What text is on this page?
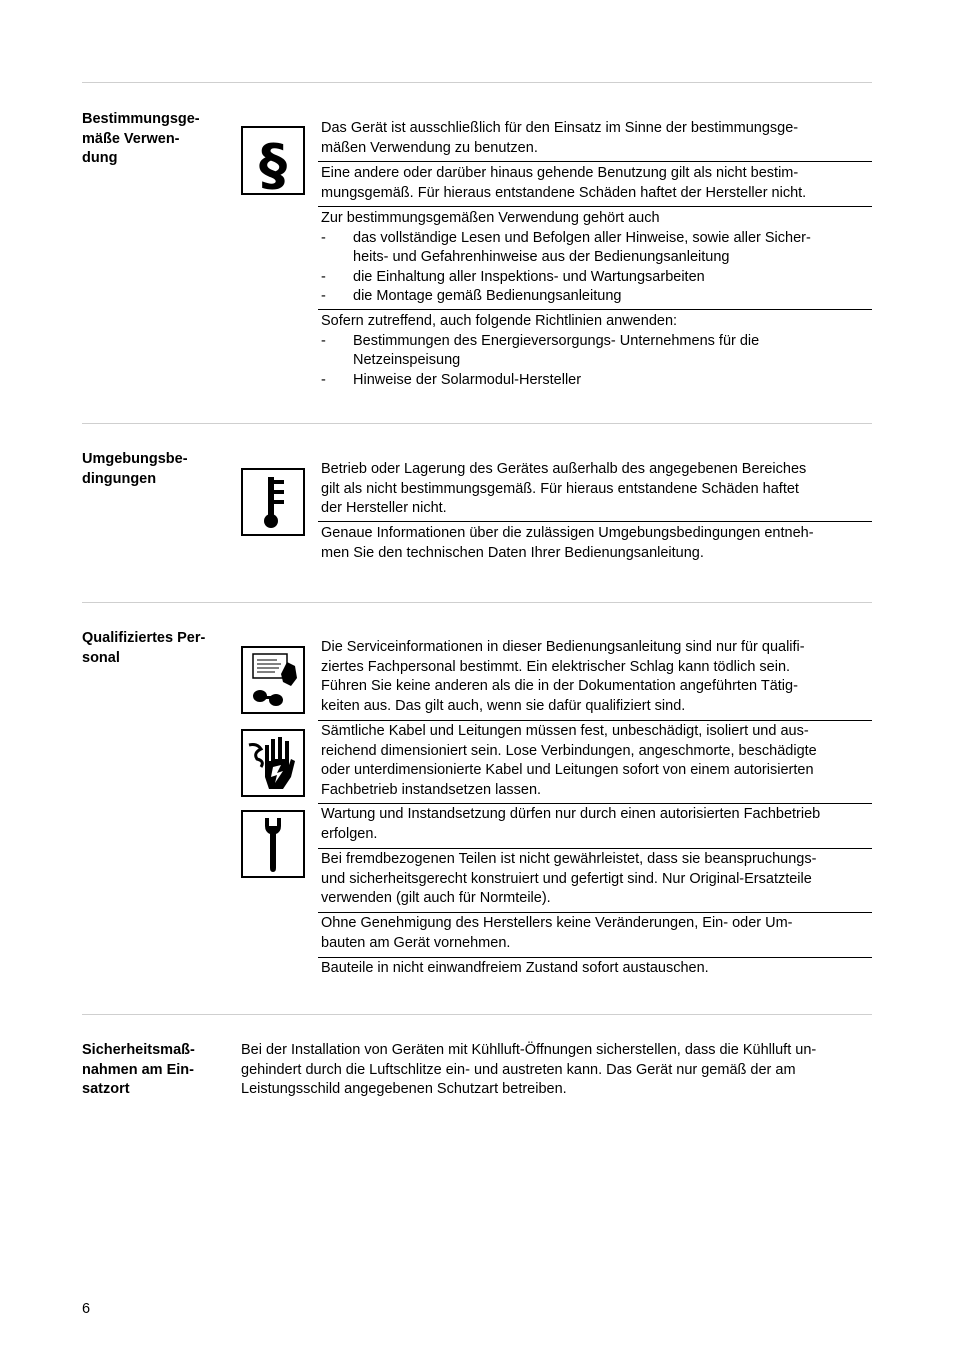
Bestimmungsge-
mäße Verwen-
dung	§
Das Gerät ist ausschließlich für den Einsatz im Sinne der bestimmungsge-
mäßen Verwendung zu benutzen.
Eine andere oder darüber hinaus gehende Benutzung gilt als nicht bestim-
mungsgemäß. Für hieraus entstandene Schäden haftet der Hersteller nicht.
Zur bestimmungsgemäßen Verwendung gehört auch
- das vollständige Lesen und Befolgen aller Hinweise, sowie aller Sicher-
heits- und Gefahrenhinweise aus der Bedienungsanleitung
- die Einhaltung aller Inspektions- und Wartungsarbeiten
- die Montage gemäß Bedienungsanleitung
Sofern zutreffend, auch folgende Richtlinien anwenden:
- Bestimmungen des Energieversorgungs- Unternehmens für die
Netzeinspeisung
- Hinweise der Solarmodul-Hersteller
Umgebungsbe-
dingungen
Betrieb oder Lagerung des Gerätes außerhalb des angegebenen Bereiches
gilt als nicht bestimmungsgemäß. Für hieraus entstandene Schäden haftet
der Hersteller nicht.
Genaue Informationen über die zulässigen Umgebungsbedingungen entneh-
men Sie den technischen Daten Ihrer Bedienungsanleitung.
Qualifiziertes Per-
sonal
Die Serviceinformationen in dieser Bedienungsanleitung sind nur für qualifi-
ziertes Fachpersonal bestimmt. Ein elektrischer Schlag kann tödlich sein.
Führen Sie keine anderen als die in der Dokumentation angeführten Tätig-
keiten aus. Das gilt auch, wenn sie dafür qualifiziert sind.
Sämtliche Kabel und Leitungen müssen fest, unbeschädigt, isoliert und aus-
reichend dimensioniert sein. Lose Verbindungen, angeschmorte, beschädigte
oder unterdimensionierte Kabel und Leitungen sofort von einem autorisierten
Fachbetrieb instandsetzen lassen.
Wartung und Instandsetzung dürfen nur durch einen autorisierten Fachbetrieb
erfolgen.
Bei fremdbezogenen Teilen ist nicht gewährleistet, dass sie beanspruchungs-
und sicherheitsgerecht konstruiert und gefertigt sind. Nur Original-Ersatzteile
verwenden (gilt auch für Normteile).
Ohne Genehmigung des Herstellers keine Veränderungen, Ein- oder Um-
bauten am Gerät vornehmen.
Bauteile in nicht einwandfreiem Zustand sofort austauschen.
Sicherheitsmaß-
nahmen am Ein-
satzort
Bei der Installation von Geräten mit Kühlluft-Öffnungen sicherstellen, dass die Kühlluft un-
gehindert durch die Luftschlitze ein- und austreten kann. Das Gerät nur gemäß der am
Leistungsschild angegebenen Schutzart betreiben.
6
